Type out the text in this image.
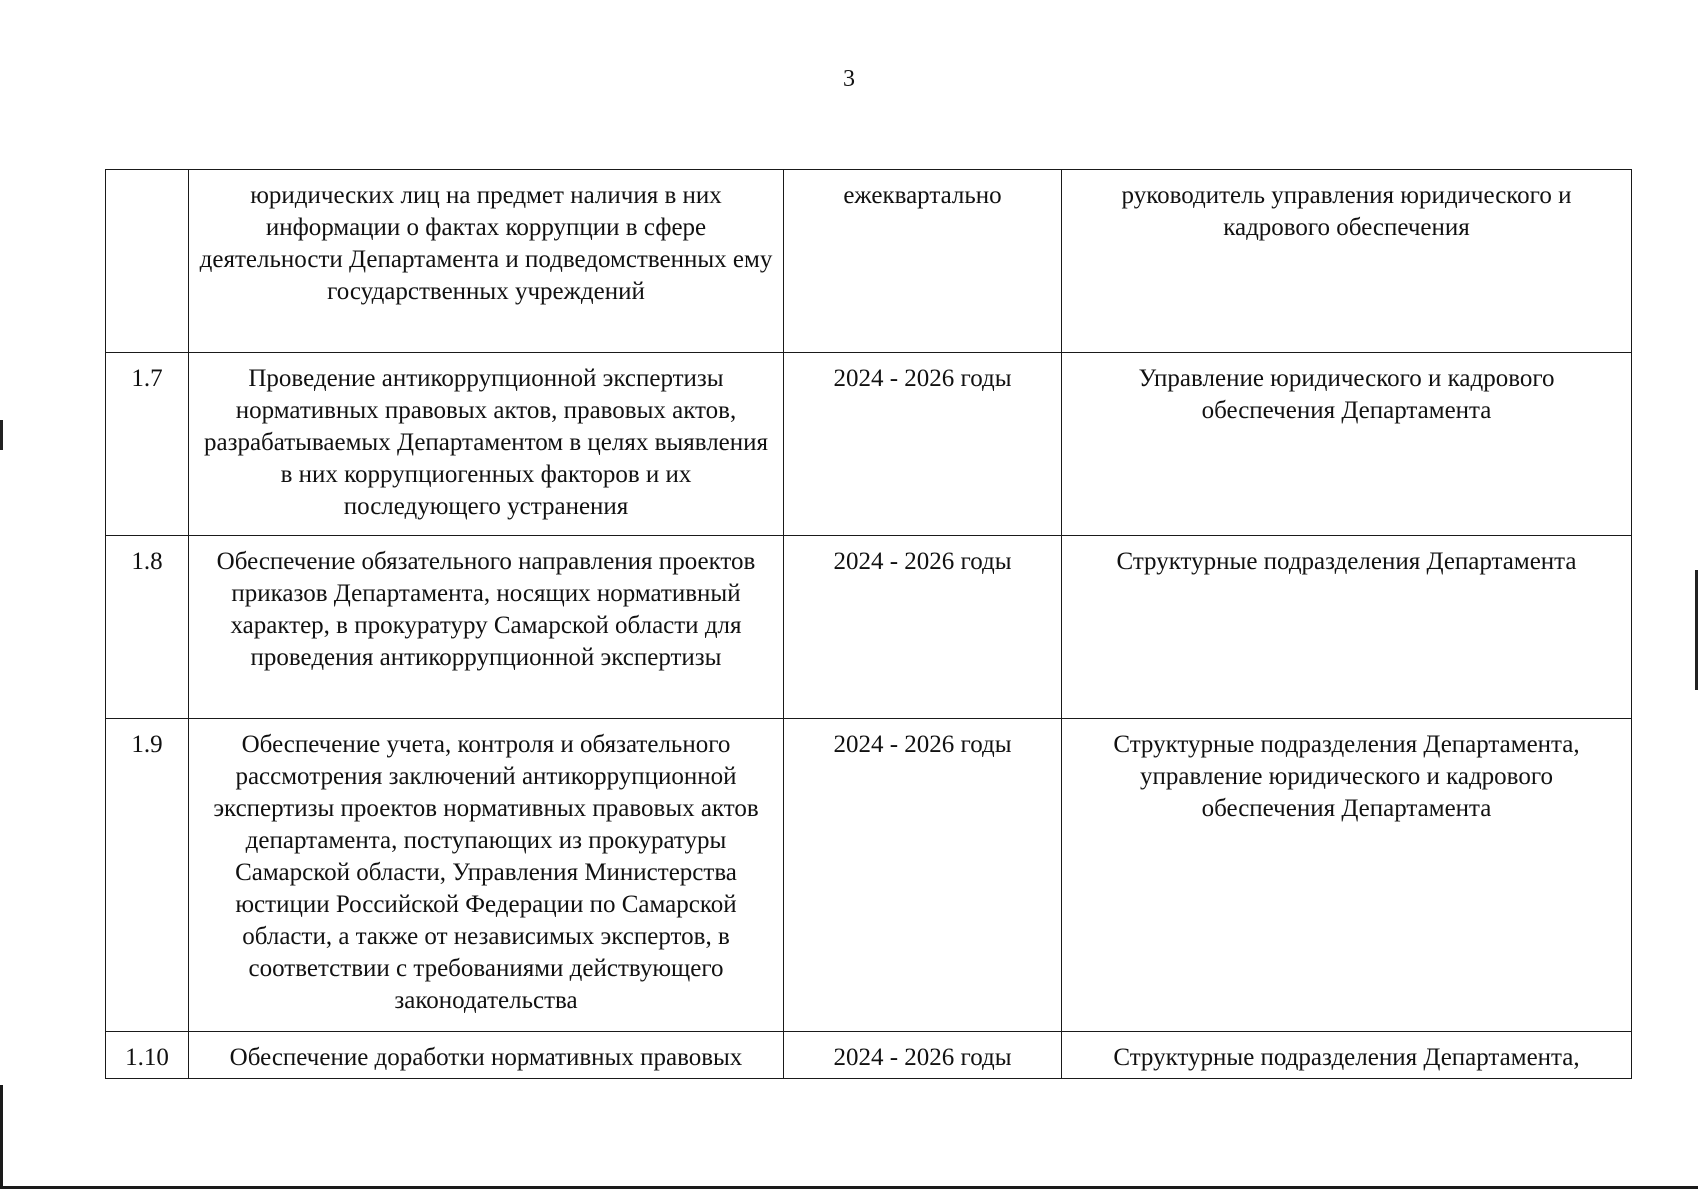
3
	юридических лиц на предмет наличия в них информации о фактах коррупции в сфере деятельности Департамента и подведомственных ему государственных учреждений	ежеквартально	руководитель управления юридического и кадрового обеспечения
1.7	Проведение антикоррупционной экспертизы нормативных правовых актов, правовых актов, разрабатываемых Департаментом в целях выявления в них коррупциогенных факторов и их последующего устранения	2024 - 2026 годы	Управление юридического и кадрового обеспечения Департамента
1.8	Обеспечение обязательного направления проектов приказов Департамента, носящих нормативный характер, в прокуратуру Самарской области для проведения антикоррупционной экспертизы	2024 - 2026 годы	Структурные подразделения Департамента
1.9	Обеспечение учета, контроля и обязательного рассмотрения заключений антикоррупционной экспертизы проектов нормативных правовых актов департамента, поступающих из прокуратуры Самарской области, Управления Министерства юстиции Российской Федерации по Самарской области, а также от независимых экспертов, в соответствии с требованиями действующего законодательства	2024 - 2026 годы	Структурные подразделения Департамента, управление юридического и кадрового обеспечения Департамента
1.10	Обеспечение доработки нормативных правовых	2024 - 2026 годы	Структурные подразделения Департамента,
